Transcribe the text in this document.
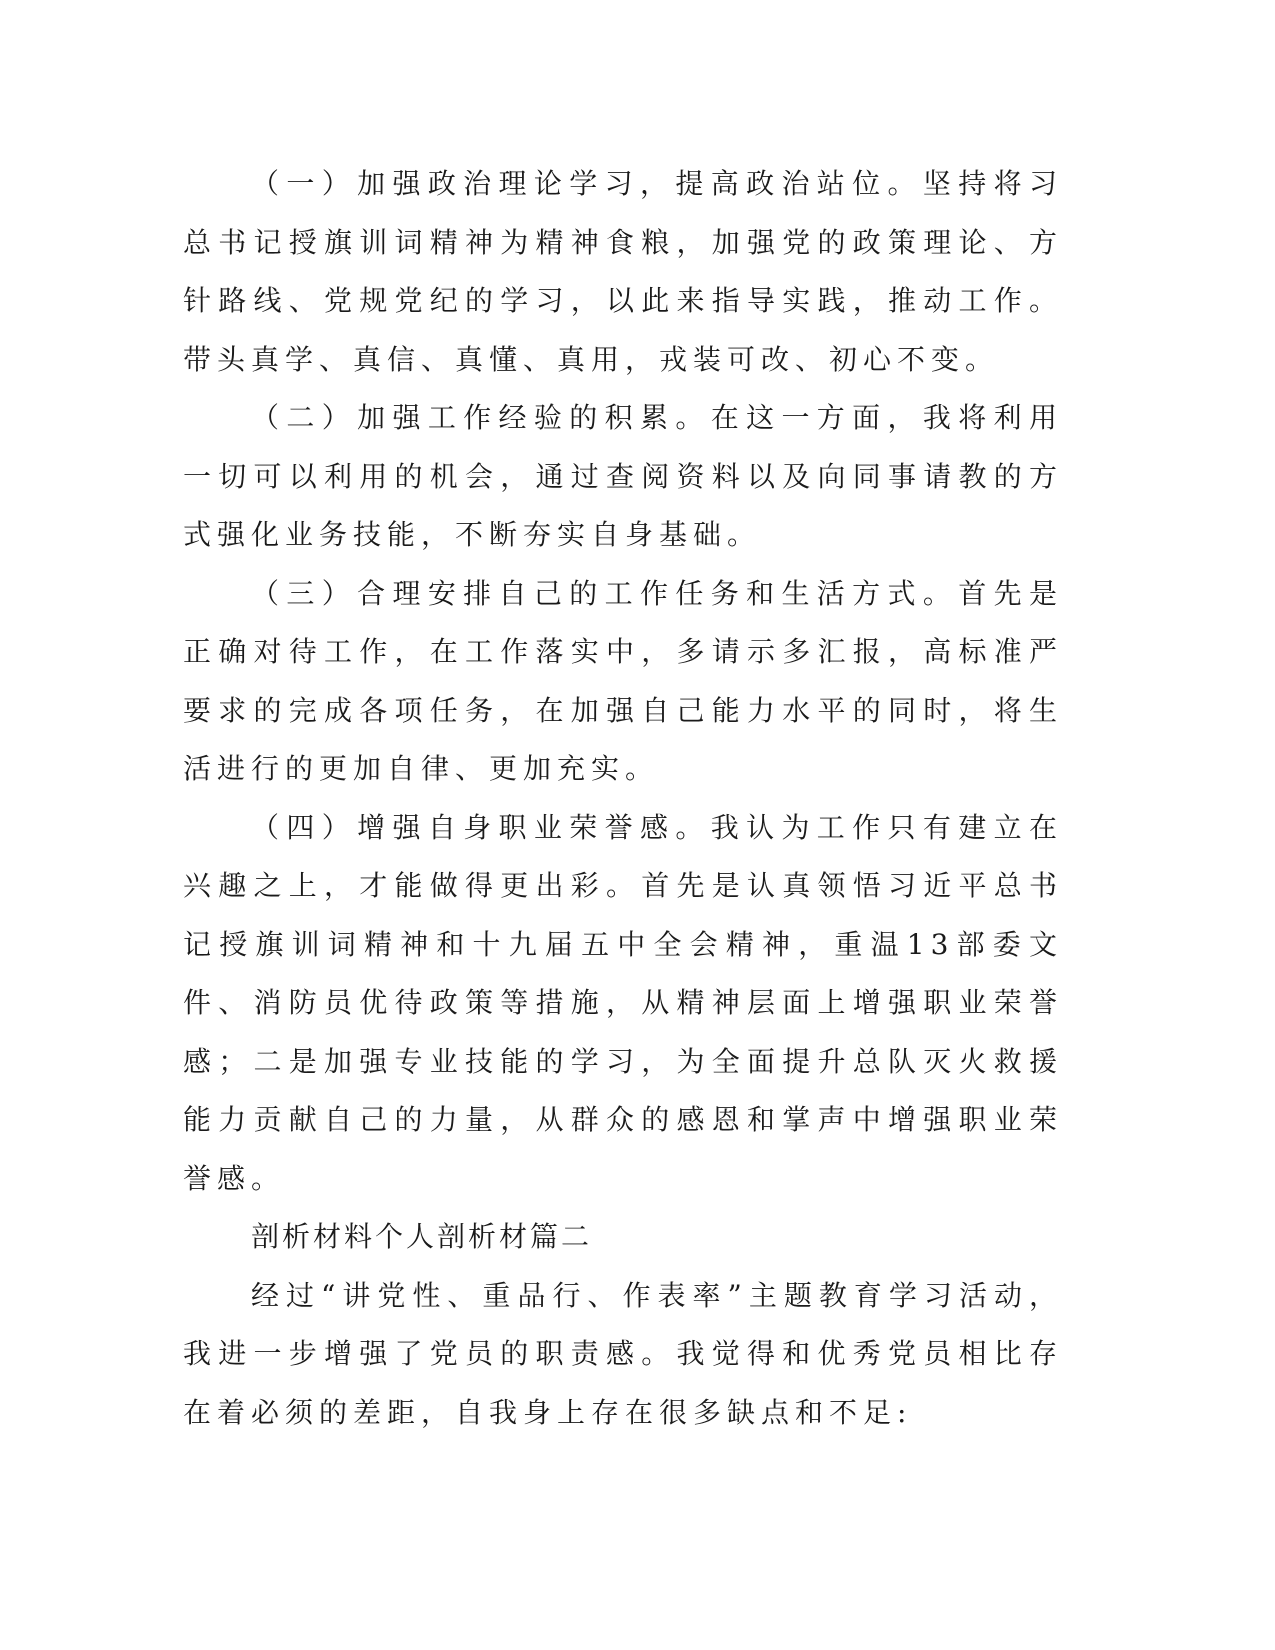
（一）加强政治理论学习，提高政治站位。坚持将习总书记授旗训词精神为精神食粮，加强党的政策理论、方针路线、党规党纪的学习，以此来指导实践，推动工作。带头真学、真信、真懂、真用，戎装可改、初心不变。

（二）加强工作经验的积累。在这一方面，我将利用一切可以利用的机会，通过查阅资料以及向同事请教的方式强化业务技能，不断夯实自身基础。

（三）合理安排自己的工作任务和生活方式。首先是正确对待工作，在工作落实中，多请示多汇报，高标准严要求的完成各项任务，在加强自己能力水平的同时，将生活进行的更加自律、更加充实。

（四）增强自身职业荣誉感。我认为工作只有建立在兴趣之上，才能做得更出彩。首先是认真领悟习近平总书记授旗训词精神和十九届五中全会精神，重温13部委文件、消防员优待政策等措施，从精神层面上增强职业荣誉感；二是加强专业技能的学习，为全面提升总队灭火救援能力贡献自己的力量，从群众的感恩和掌声中增强职业荣誉感。

剖析材料个人剖析材篇二

经过“讲党性、重品行、作表率”主题教育学习活动，我进一步增强了党员的职责感。我觉得和优秀党员相比存在着必须的差距，自我身上存在很多缺点和不足:
